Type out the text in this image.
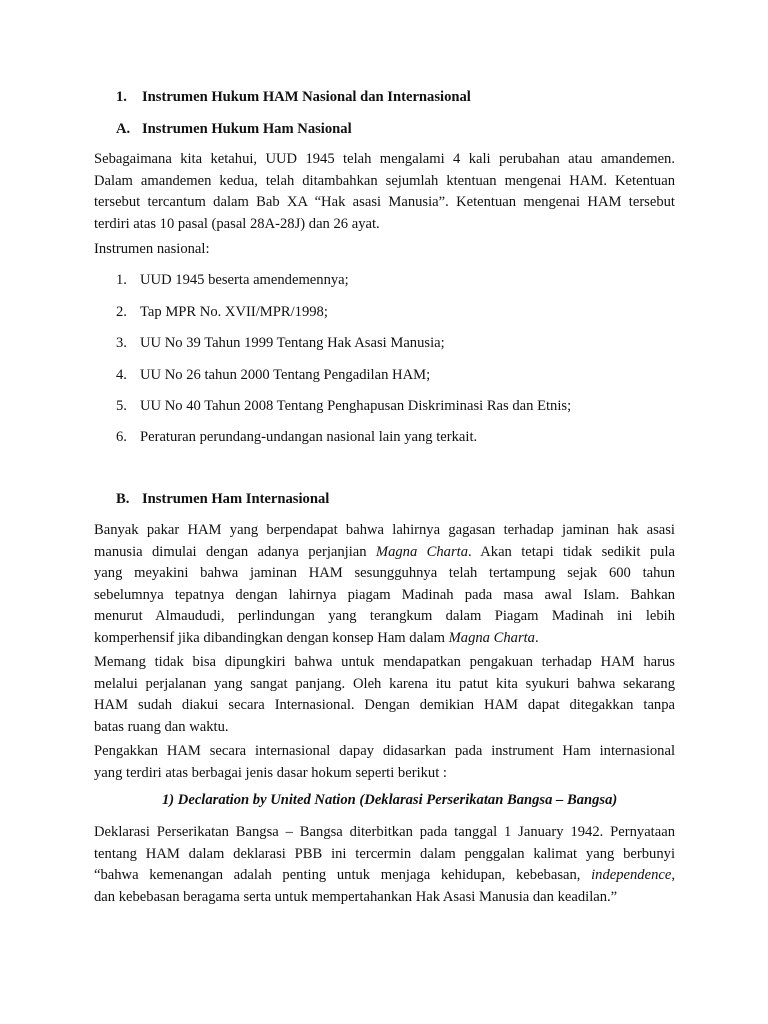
1. Instrumen Hukum HAM Nasional dan Internasional
A. Instrumen Hukum Ham Nasional
Sebagaimana kita ketahui, UUD 1945 telah mengalami 4 kali perubahan atau amandemen.
Dalam amandemen kedua, telah ditambahkan sejumlah ktentuan mengenai HAM. Ketentuan
tersebut tercantum dalam Bab XA “Hak asasi Manusia”. Ketentuan mengenai HAM tersebut
terdiri atas 10 pasal (pasal 28A-28J) dan 26 ayat.
Instrumen nasional:
1. UUD 1945 beserta amendemennya;
2. Tap MPR No. XVII/MPR/1998;
3. UU No 39 Tahun 1999 Tentang Hak Asasi Manusia;
4. UU No 26 tahun 2000 Tentang Pengadilan HAM;
5. UU No 40 Tahun 2008 Tentang Penghapusan Diskriminasi Ras dan Etnis;
6. Peraturan perundang-undangan nasional lain yang terkait.
B. Instrumen Ham Internasional
Banyak pakar HAM yang berpendapat bahwa lahirnya gagasan terhadap jaminan hak asasi
manusia dimulai dengan adanya perjanjian Magna Charta. Akan tetapi tidak sedikit pula
yang meyakini bahwa jaminan HAM sesungguhnya telah tertampung sejak 600 tahun
sebelumnya tepatnya dengan lahirnya piagam Madinah pada masa awal Islam. Bahkan
menurut Almaududi, perlindungan yang terangkum dalam Piagam Madinah ini lebih
komperhensif jika dibandingkan dengan konsep Ham dalam Magna Charta.
Memang tidak bisa dipungkiri bahwa untuk mendapatkan pengakuan terhadap HAM harus
melalui perjalanan yang sangat panjang. Oleh karena itu patut kita syukuri bahwa sekarang
HAM sudah diakui secara Internasional. Dengan demikian HAM dapat ditegakkan tanpa
batas ruang dan waktu.
Pengakkan HAM secara internasional dapay didasarkan pada instrument Ham internasional
yang terdiri atas berbagai jenis dasar hokum seperti berikut :
1) Declaration by United Nation (Deklarasi Perserikatan Bangsa – Bangsa)
Deklarasi Perserikatan Bangsa – Bangsa diterbitkan pada tanggal 1 January 1942. Pernyataan
tentang HAM dalam deklarasi PBB ini tercermin dalam penggalan kalimat yang berbunyi
“bahwa kemenangan adalah penting untuk menjaga kehidupan, kebebasan, independence,
dan kebebasan beragama serta untuk mempertahankan Hak Asasi Manusia dan keadilan.”
